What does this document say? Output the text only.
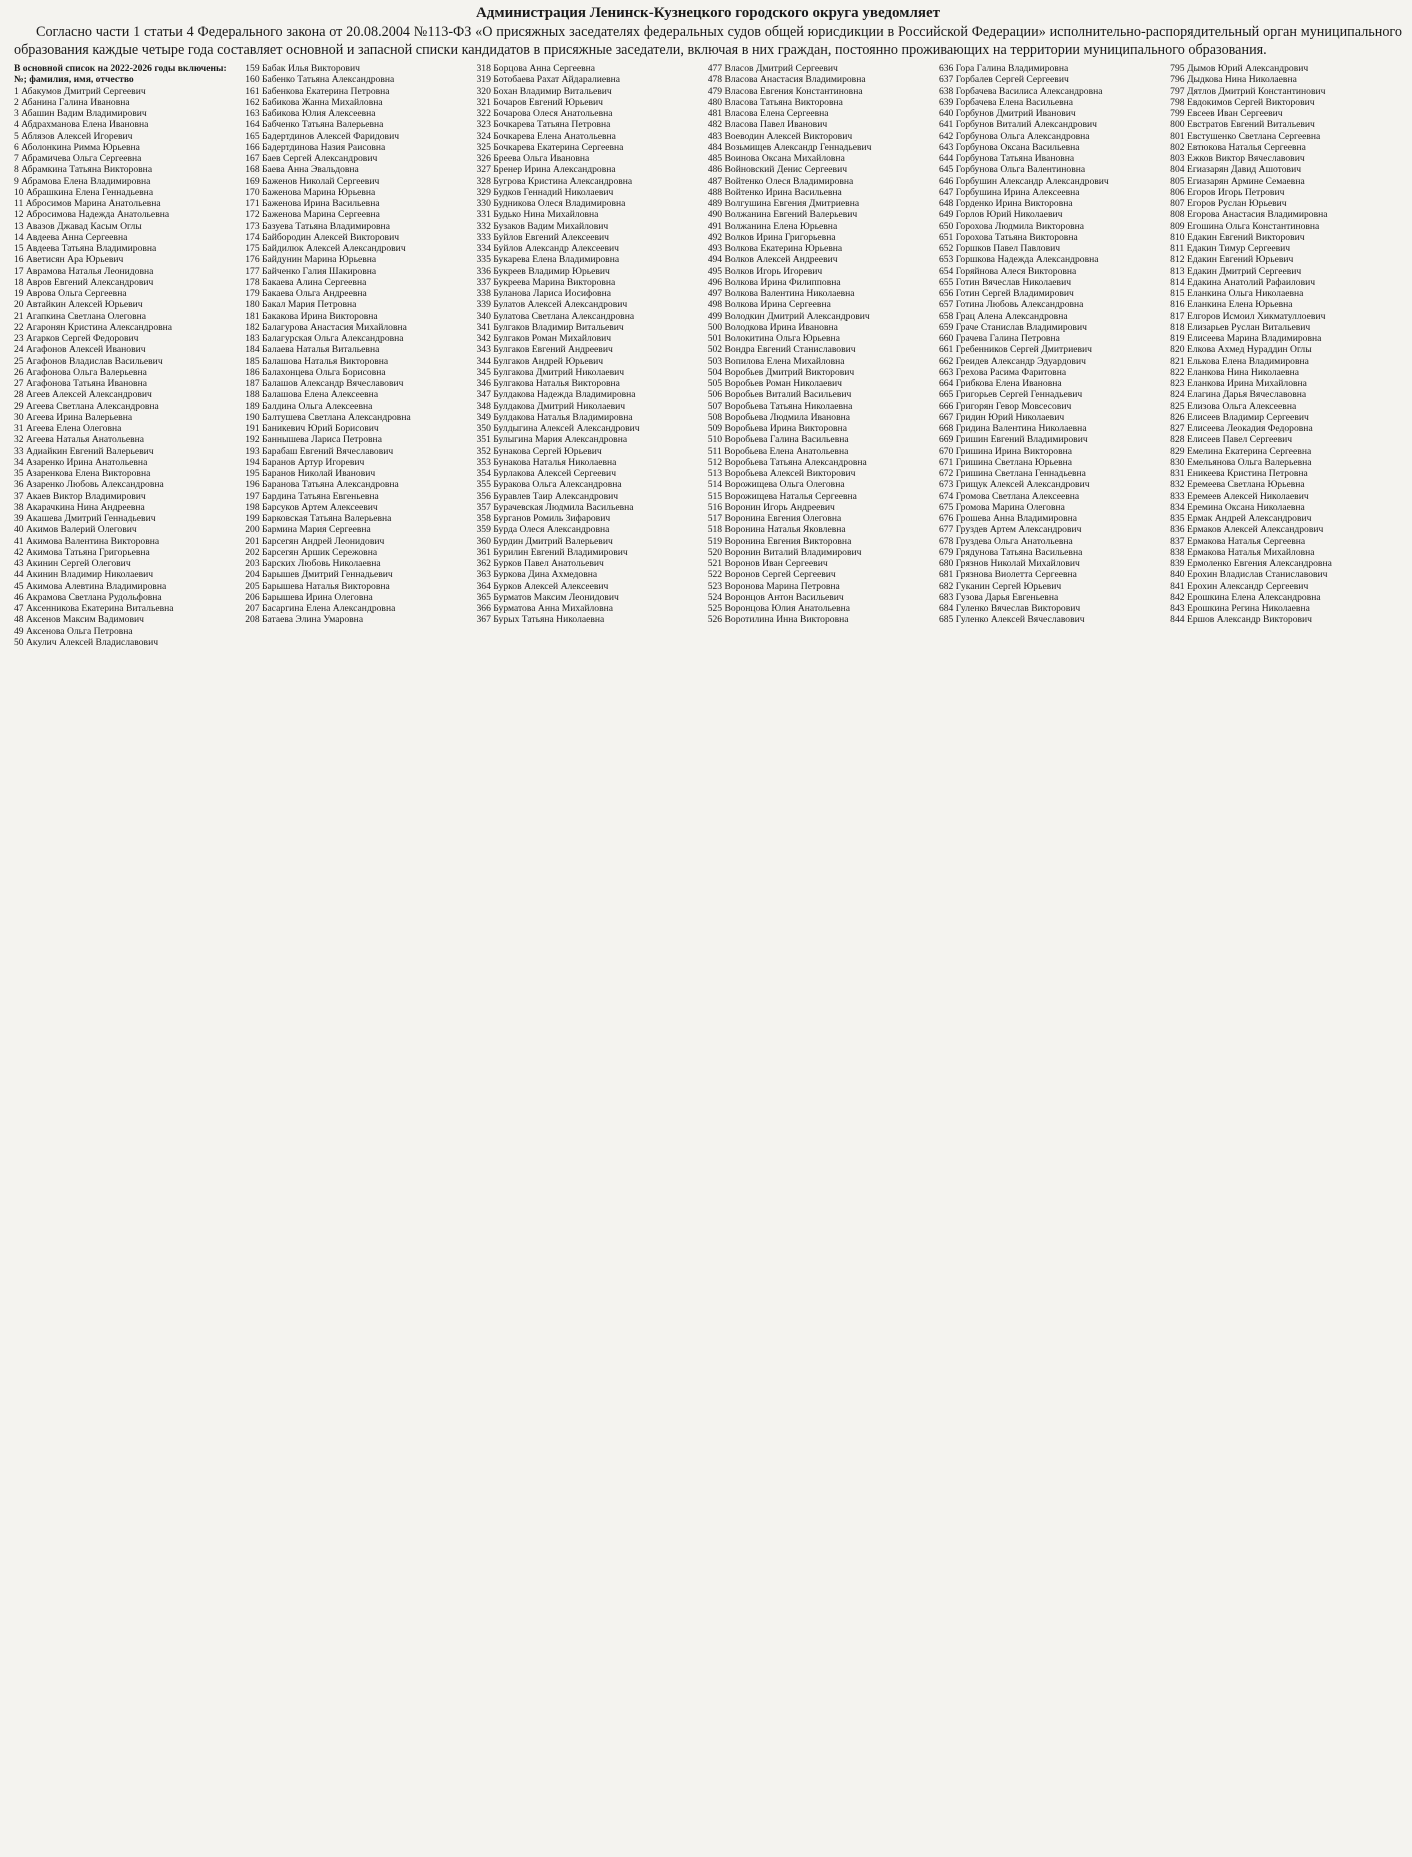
Администрация Ленинск-Кузнецкого городского округа уведомляет
Согласно части 1 статьи 4 Федерального закона от 20.08.2004 №113-ФЗ «О присяжных заседателях федеральных судов общей юрисдикции в Российской Федерации» исполнительно-распорядительный орган муниципального образования каждые четыре года составляет основной и запасной списки кандидатов в присяжные заседатели, включая в них граждан, постоянно проживающих на территории муниципального образования.
В основной список на 2022-2026 годы включены:
№; фамилия, имя, отчество
1 Абакумов Дмитрий Сергеевич
2 Абанина Галина Ивановна
3 Абашин Вадим Владимирович
4 Абдрахманова Елена Ивановна
5 Аблязов Алексей Игоревич
6 Аболонкина Римма Юрьевна
7 Абрамичева Ольга Сергеевна
8 Абрамкина Татьяна Викторовна
9 Абрамова Елена Владимировна
10 Абрашкина Елена Геннадьевна
11 Абросимов Марина Анатольевна
12 Абросимова Надежда Анатольевна
13 Авазов Джавад Касым Оглы
14 Авдеева Анна Сергеевна
15 Авдеева Татьяна Владимировна
16 Аветисян Ара Юрьевич
17 Аврамова Наталья Леонидовна
18 Авров Евгений Александрович
19 Аврова Ольга Сергеевна
20 Автайкин Алексей Юрьевич
21 Агапкина Светлана Олеговна
22 Агаронян Кристина Александровна
23 Агарков Сергей Федорович
24 Агафонов Алексей Иванович
25 Агафонов Владислав Васильевич
26 Агафонова Ольга Валерьевна
27 Агафонова Татьяна Ивановна
28 Агеев Алексей Александрович
29 Агеева Светлана Александровна
30 Агеева Ирина Валерьевна
31 Агеева Елена Олеговна
32 Агеева Наталья Анатольевна
33 Адиайкин Евгений Валерьевич
34 Азаренко Ирина Анатольевна
35 Азаренкова Елена Викторовна
36 Азаренко Любовь Александровна
37 Акаев Виктор Владимирович
38 Акарачкина Нина Андреевна
39 Акашева Дмитрий Геннадьевич
40 Акимов Валерий Олегович
41 Акимова Валентина Викторовна
42 Акимова Татьяна Григорьевна
43 Акинин Сергей Олегович
44 Акинин Владимир Николаевич
45 Акимова Алевтина Владимировна
46 Акрамова Светлана Рудольфовна
47 Аксенникова Екатерина Витальевна
48 Аксенов Максим Вадимович
49 Аксенова Ольга Петровна
50 Акулич Алексей Владиславович
159 Бабак Илья Викторович
160 Бабенко Татьяна Александровна
161 Бабенкова Екатерина Петровна
162 Бабикова Жанна Михайловна
163 Бабикова Юлия Алексеевна
164 Бабченко Татьяна Валерьевна
165 Бадертдинов Алексей Фаридович
166 Бадертдинова Назия Раисовна
167 Баев Сергей Александрович
168 Баева Анна Эвальдовна
169 Баженов Николай Сергеевич
170 Баженова Марина Юрьевна
171 Баженова Ирина Васильевна
172 Баженова Марина Сергеевна
173 Базуева Татьяна Владимировна
174 Байбородин Алексей Викторович
175 Байдилюк Алексей Александрович
176 Байдунин Марина Юрьевна
177 Байченко Галия Шакировна
178 Бакаева Алина Сергеевна
179 Бакаева Ольга Андреевна
180 Бакал Мария Петровна
181 Бакакова Ирина Викторовна
182 Балагурова Анастасия Михайловна
183 Балагурская Ольга Александровна
184 Балаева Наталья Витальевна
185 Балашова Наталья Викторовна
186 Балахонцева Ольга Борисовна
187 Балашов Александр Вячеславович
188 Балашова Елена Алексеевна
189 Балдина Ольга Алексеевна
190 Балтушева Светлана Александровна
191 Баникевич Юрий Борисович
192 Баннышева Лариса Петровна
193 Барабаш Евгений Вячеславович
194 Баранов Артур Игоревич
195 Баранов Николай Иванович
196 Баранова Татьяна Александровна
197 Бардина Татьяна Евгеньевна
198 Барсуков Артем Алексеевич
199 Барковская Татьяна Валерьевна
200 Бармина Мария Сергеевна
201 Барсегян Андрей Леонидович
202 Барсегян Аршик Сережовна
203 Барских Любовь Николаевна
204 Барышев Дмитрий Геннадьевич
205 Барышева Наталья Викторовна
206 Барышева Ирина Олеговна
207 Басаргина Елена Александровна
208 Батаева Элина Умаровна
318 Борцова Анна Сергеевна
319 Ботобаева Рахат Айдаралиевна
320 Бохан Владимир Витальевич
321 Бочаров Евгений Юрьевич
322 Бочарова Олеся Анатольевна
323 Бочкарева Татьяна Петровна
324 Бочкарева Елена Анатольевна
325 Бочкарева Екатерина Сергеевна
326 Бреева Ольга Ивановна
327 Бренер Ирина Александровна
328 Бугрова Кристина Александровна
329 Будков Геннадий Николаевич
330 Будникова Олеся Владимировна
331 Будько Нина Михайловна
332 Бузаков Вадим Михайлович
333 Буйлов Евгений Алексеевич
334 Буйлов Александр Алексеевич
335 Букарева Елена Владимировна
336 Букреев Владимир Юрьевич
337 Букреева Марина Викторовна
338 Буланова Лариса Иосифовна
339 Булатов Алексей Александрович
340 Булатова Светлана Александровна
341 Булгаков Владимир Витальевич
342 Булгаков Роман Михайлович
343 Булгаков Евгений Андреевич
344 Булгаков Андрей Юрьевич
345 Булгакова Дмитрий Николаевич
346 Булгакова Наталья Викторовна
347 Булдакова Надежда Владимировна
348 Булдакова Дмитрий Николаевич
349 Булдакова Наталья Владимировна
350 Булдыгина Алексей Александрович
351 Булыгина Мария Александровна
352 Бунакова Сергей Юрьевич
353 Бунакова Наталья Николаевна
354 Бурлакова Алексей Сергеевич
355 Буракова Ольга Александровна
356 Буравлев Таир Александрович
357 Бурачевская Людмила Васильевна
358 Бурганов Ромиль Зифарович
359 Бурда Олеся Александровна
360 Бурдин Дмитрий Валерьевич
361 Бурилин Евгений Владимирович
362 Бурков Павел Анатольевич
363 Буркова Дина Ахмедовна
364 Бурков Алексей Алексеевич
365 Бурматов Максим Леонидович
366 Бурматова Анна Михайловна
367 Бурых Татьяна Николаевна
477 Власов Дмитрий Сергеевич
478 Власова Анастасия Владимировна
479 Власова Евгения Константиновна
480 Власова Татьяна Викторовна
481 Власова Елена Сергеевна
482 Власова Павел Иванович
483 Воеводин Алексей Викторович
484 Возьмищев Александр Геннадьевич
485 Воинова Оксана Михайловна
486 Войновский Денис Сергеевич
487 Войтенко Олеся Владимировна
488 Войтенко Ирина Васильевна
489 Волгушина Евгения Дмитриевна
490 Волжанина Евгений Валерьевич
491 Волжанина Елена Юрьевна
492 Волков Ирина Григорьевна
493 Волкова Екатерина Юрьевна
494 Волков Алексей Андреевич
495 Волков Игорь Игоревич
496 Волкова Ирина Филипповна
497 Волкова Валентина Николаевна
498 Волкова Ирина Сергеевна
499 Володкин Дмитрий Александрович
500 Володкова Ирина Ивановна
501 Волокитина Ольга Юрьевна
502 Вондра Евгений Станиславович
503 Вопилова Елена Михайловна
504 Воробьев Дмитрий Викторович
505 Воробьев Роман Николаевич
506 Воробьев Виталий Васильевич
507 Воробьева Татьяна Николаевна
508 Воробьева Людмила Ивановна
509 Воробьева Ирина Викторовна
510 Воробьева Галина Васильевна
511 Воробьева Елена Анатольевна
512 Воробьева Татьяна Александровна
513 Воробьева Алексей Викторович
514 Ворожищева Ольга Олеговна
515 Ворожищева Наталья Сергеевна
516 Воронин Игорь Андреевич
517 Воронина Евгения Олеговна
518 Воронина Наталья Яковлевна
519 Воронина Евгения Викторовна
520 Воронин Виталий Владимирович
521 Воронов Иван Сергеевич
522 Воронов Сергей Сергеевич
523 Воронова Марина Петровна
524 Воронцов Антон Васильевич
525 Воронцова Юлия Анатольевна
526 Воротилина Инна Викторовна
636 Гора Галина Владимировна
637 Горбалев Сергей Сергеевич
638 Горбачева Василиса Александровна
639 Горбачева Елена Васильевна
640 Горбунов Дмитрий Иванович
641 Горбунов Виталий Александрович
642 Горбунова Ольга Александровна
643 Горбунова Оксана Васильевна
644 Горбунова Татьяна Ивановна
645 Горбунова Ольга Валентиновна
646 Горбушин Александр Александрович
647 Горбушина Ирина Алексеевна
648 Горденко Ирина Викторовна
649 Горлов Юрий Николаевич
650 Горохова Людмила Викторовна
651 Горохова Татьяна Викторовна
652 Горшков Павел Павлович
653 Горшкова Надежда Александровна
654 Горяйнова Алеся Викторовна
655 Готин Вячеслав Николаевич
656 Готин Сергей Владимирович
657 Готина Любовь Александровна
658 Грац Алена Александровна
659 Граче Станислав Владимирович
660 Грачева Галина Петровна
661 Гребенников Сергей Дмитриевич
662 Греидев Александр Эдуардович
663 Грехова Расима Фаритовна
664 Грибкова Елена Ивановна
665 Григорьев Сергей Геннадьевич
666 Григорян Гевор Мовсесович
667 Гридин Юрий Николаевич
668 Гридина Валентина Николаевна
669 Гришин Евгений Владимирович
670 Гришина Ирина Викторовна
671 Гришина Светлана Юрьевна
672 Гришина Светлана Геннадьевна
673 Грищук Алексей Александрович
674 Громова Светлана Алексеевна
675 Громова Марина Олеговна
676 Грошева Анна Владимировна
677 Груздев Артем Александрович
678 Груздева Ольга Анатольевна
679 Грядунова Татьяна Васильевна
680 Грязнов Николай Михайлович
681 Грязнова Виолетта Сергеевна
682 Гуканин Сергей Юрьевич
683 Гузова Дарья Евгеньевна
684 Гуленко Вячеслав Викторович
685 Гуленко Алексей Вячеславович
795 Дымов Юрий Александрович
796 Дыдкова Нина Николаевна
797 Дятлов Дмитрий Константинович
798 Евдокимов Сергей Викторович
799 Евсеев Иван Сергеевич
800 Евстратов Евгений Витальевич
801 Евстушенко Светлана Сергеевна
802 Евтюкова Наталья Сергеевна
803 Ежков Виктор Вячеславович
804 Егиазарян Давид Ашотович
805 Егиазарян Армине Семаевна
806 Егоров Игорь Петрович
807 Егоров Руслан Юрьевич
808 Егорова Анастасия Владимировна
809 Егошина Ольга Константиновна
810 Едакин Евгений Викторович
811 Едакин Тимур Сергеевич
812 Едакин Евгений Юрьевич
813 Едакин Дмитрий Сергеевич
814 Едакина Анатолий Рафаилович
815 Еланкина Ольга Николаевна
816 Еланкина Елена Юрьевна
817 Елгоров Исмоил Хикматуллоевич
818 Елизарьев Руслан Витальевич
819 Елисеева Марина Владимировна
820 Елкова Ахмед Нураддин Оглы
821 Елькова Елена Владимировна
822 Еланкова Нина Николаевна
823 Еланкова Ирина Михайловна
824 Елагина Дарья Вячеславовна
825 Елизова Ольга Алексеевна
826 Елисеев Владимир Сергеевич
827 Елисеева Леокадия Федоровна
828 Елисеев Павел Сергеевич
829 Емелина Екатерина Сергеевна
830 Емельянова Ольга Валерьевна
831 Еникеева Кристина Петровна
832 Еремеева Светлана Юрьевна
833 Еремеев Алексей Николаевич
834 Еремина Оксана Николаевна
835 Ермак Андрей Александрович
836 Ермаков Алексей Александрович
837 Ермакова Наталья Сергеевна
838 Ермакова Наталья Михайловна
839 Ермоленко Евгения Александровна
840 Ерохин Владислав Станиславович
841 Ерохин Александр Сергеевич
842 Ерошкина Елена Александровна
843 Ерошкина Регина Николаевна
844 Ершов Александр Викторович
